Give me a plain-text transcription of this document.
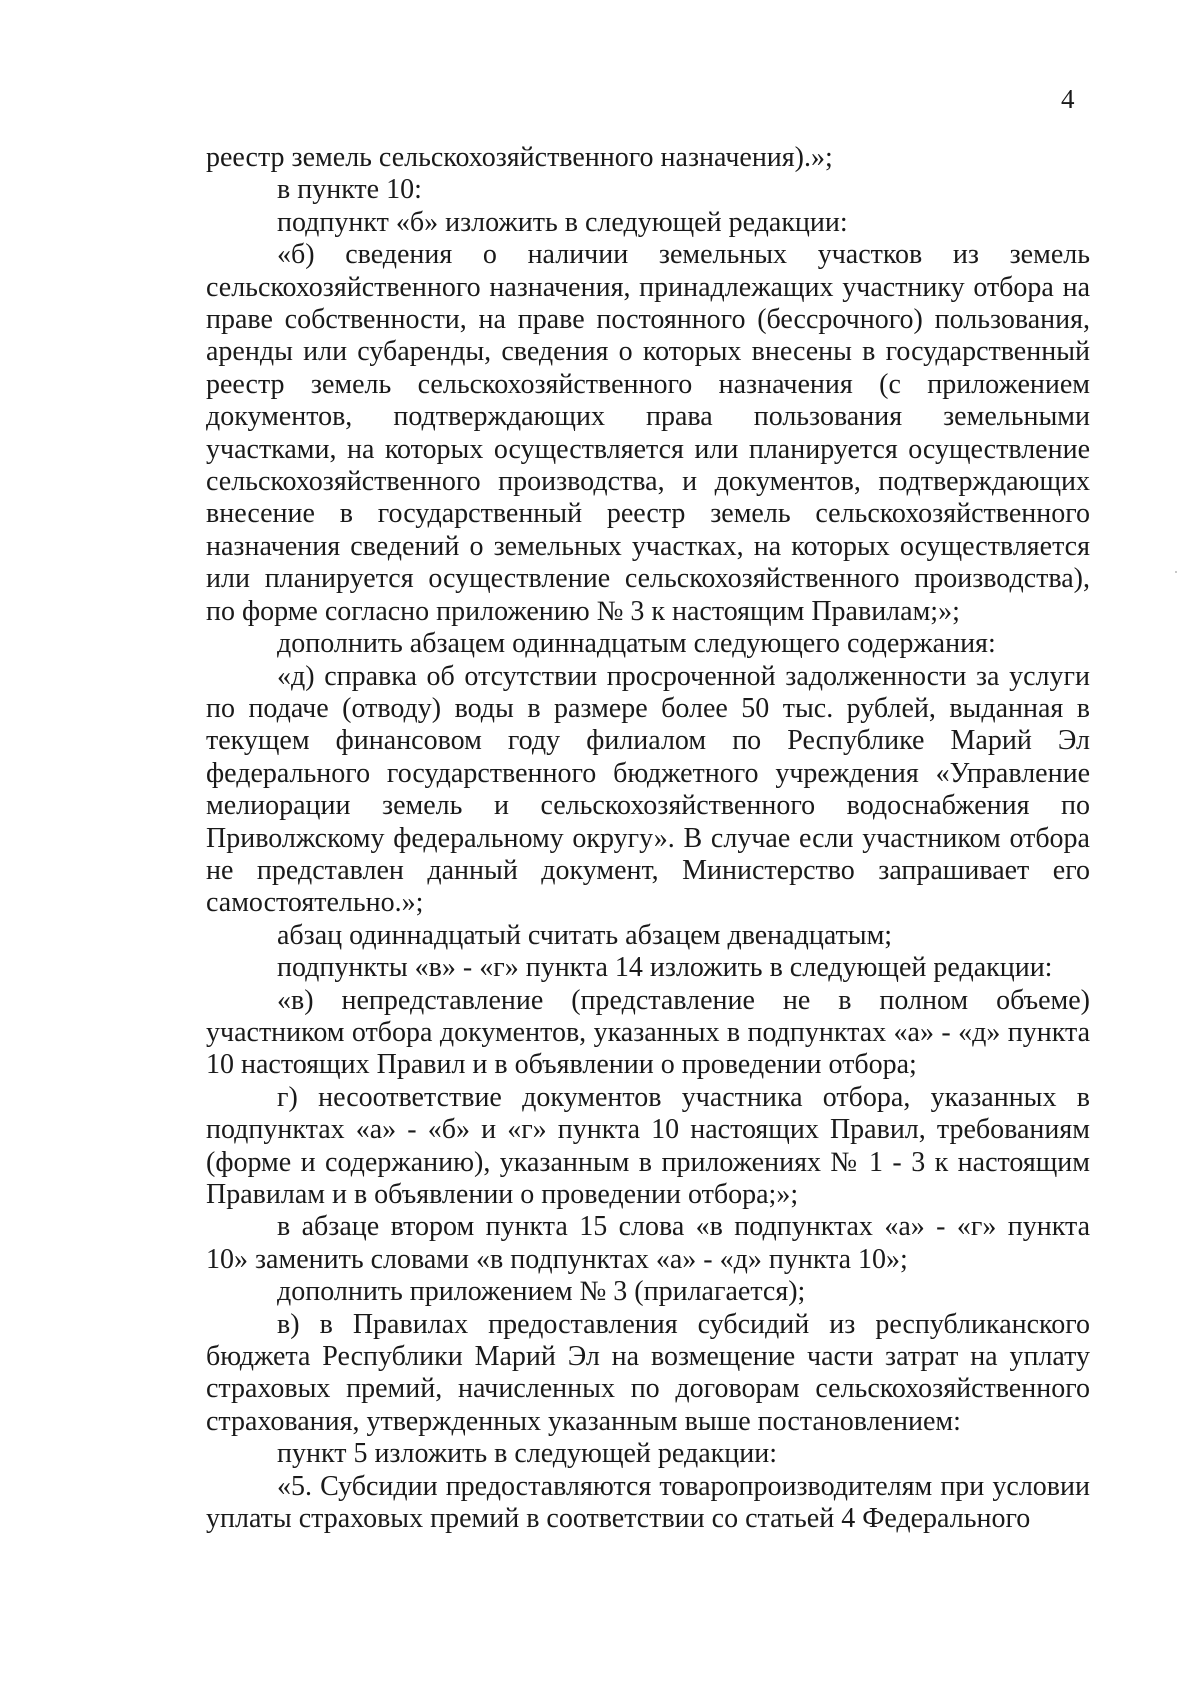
4

реестр земель сельскохозяйственного назначения).»;

в пункте 10:

подпункт «б» изложить в следующей редакции:

«б) сведения о наличии земельных участков из земель сельскохозяйственного назначения, принадлежащих участнику отбора на праве собственности, на праве постоянного (бессрочного) пользования, аренды или субаренды, сведения о которых внесены в государственный реестр земель сельскохозяйственного назначения (с приложением документов, подтверждающих права пользования земельными участками, на которых осуществляется или планируется осуществление сельскохозяйственного производства, и документов, подтверждающих внесение в государственный реестр земель сельскохозяйственного назначения сведений о земельных участках, на которых осуществляется или планируется осуществление сельскохозяйственного производства), по форме согласно приложению № 3 к настоящим Правилам;»;

дополнить абзацем одиннадцатым следующего содержания:

«д) справка об отсутствии просроченной задолженности за услуги по подаче (отводу) воды в размере более 50 тыс. рублей, выданная в текущем финансовом году филиалом по Республике Марий Эл федерального государственного бюджетного учреждения «Управление мелиорации земель и сельскохозяйственного водоснабжения по Приволжскому федеральному округу». В случае если участником отбора не представлен данный документ, Министерство запрашивает его самостоятельно.»;

абзац одиннадцатый считать абзацем двенадцатым;

подпункты «в» - «г» пункта 14 изложить в следующей редакции:

«в) непредставление (представление не в полном объеме) участником отбора документов, указанных в подпунктах «а» - «д» пункта 10 настоящих Правил и в объявлении о проведении отбора;

г) несоответствие документов участника отбора, указанных в подпунктах «а» - «б» и «г» пункта 10 настоящих Правил, требованиям (форме и содержанию), указанным в приложениях № 1 - 3 к настоящим Правилам и в объявлении о проведении отбора;»;

в абзаце втором пункта 15 слова «в подпунктах «а» - «г» пункта 10» заменить словами «в подпунктах «а» - «д» пункта 10»;

дополнить приложением № 3 (прилагается);

в) в Правилах предоставления субсидий из республиканского бюджета Республики Марий Эл на возмещение части затрат на уплату страховых премий, начисленных по договорам сельскохозяйственного страхования, утвержденных указанным выше постановлением:

пункт 5 изложить в следующей редакции:

«5. Субсидии предоставляются товаропроизводителям при условии уплаты страховых премий в соответствии со статьей 4 Федерального
